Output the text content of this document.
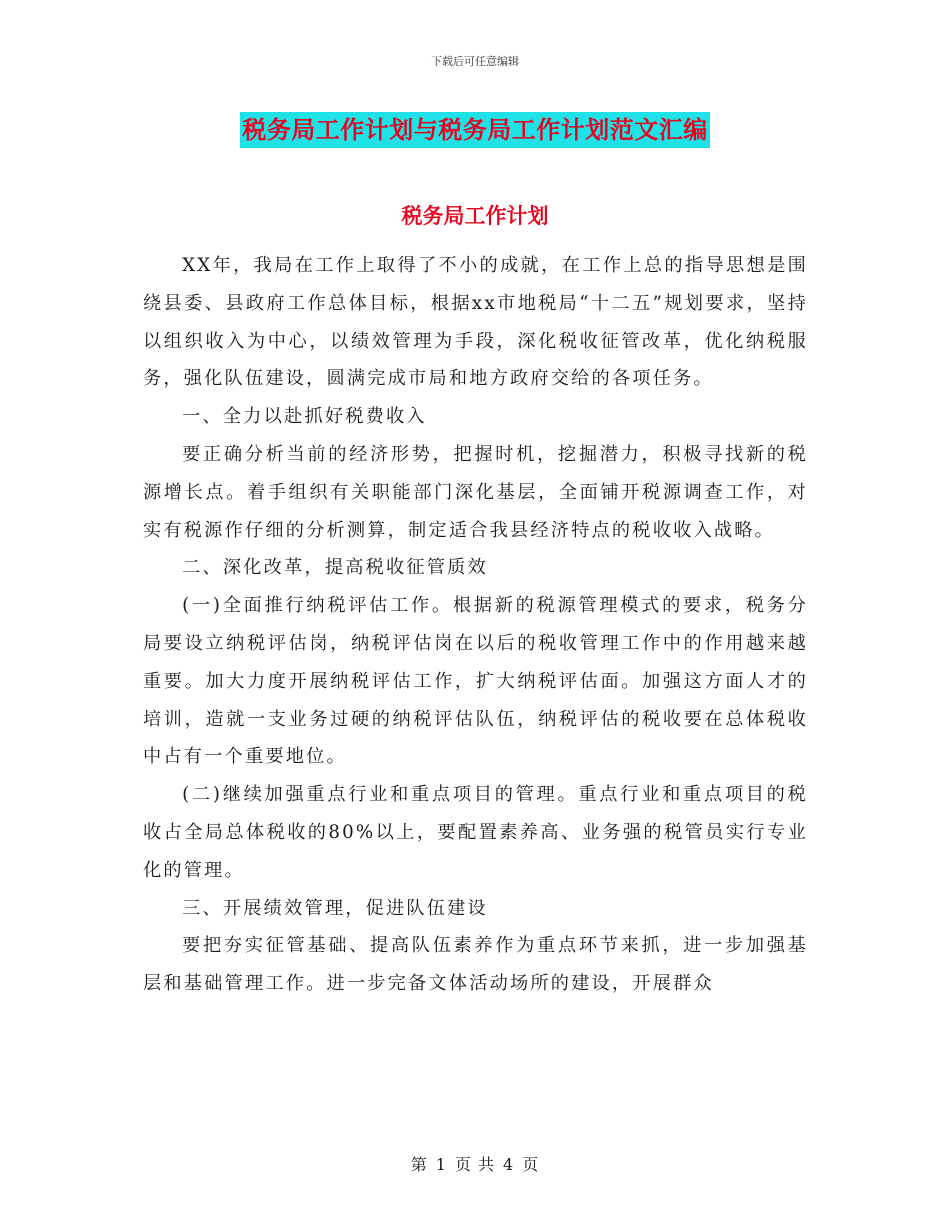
下载后可任意编辑
税务局工作计划与税务局工作计划范文汇编
税务局工作计划

XX年，我局在工作上取得了不小的成就，在工作上总的指导思想是围绕县委、县政府工作总体目标，根据xx市地税局“十二五”规划要求，坚持以组织收入为中心，以绩效管理为手段，深化税收征管改革，优化纳税服务，强化队伍建设，圆满完成市局和地方政府交给的各项任务。

一、全力以赴抓好税费收入

要正确分析当前的经济形势，把握时机，挖掘潜力，积极寻找新的税源增长点。着手组织有关职能部门深化基层，全面铺开税源调查工作，对实有税源作仔细的分析测算，制定适合我县经济特点的税收收入战略。

二、深化改革，提高税收征管质效

(一)全面推行纳税评估工作。根据新的税源管理模式的要求，税务分局要设立纳税评估岗，纳税评估岗在以后的税收管理工作中的作用越来越重要。加大力度开展纳税评估工作，扩大纳税评估面。加强这方面人才的培训，造就一支业务过硬的纳税评估队伍，纳税评估的税收要在总体税收中占有一个重要地位。

(二)继续加强重点行业和重点项目的管理。重点行业和重点项目的税收占全局总体税收的80%以上，要配置素养高、业务强的税管员实行专业化的管理。

三、开展绩效管理，促进队伍建设

要把夯实征管基础、提高队伍素养作为重点环节来抓，进一步加强基层和基础管理工作。进一步完备文体活动场所的建设，开展群众

第 1 页 共 4 页
